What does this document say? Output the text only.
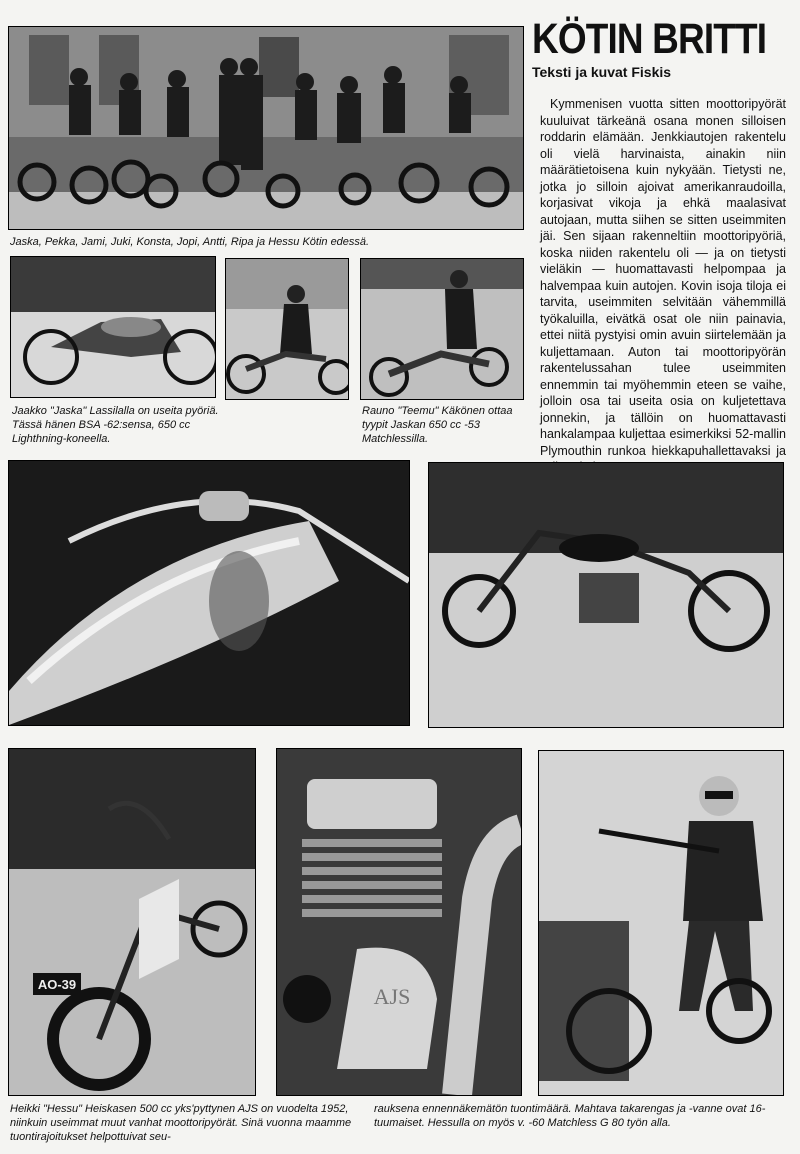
KÖTIN BRITTI

Teksti ja kuvat Fiskis

Kymmenisen vuotta sitten moottoripyörät kuuluivat tärkeänä osana monen silloisen roddarin elämään. Jenkkiautojen rakentelu oli vielä harvinaista, ainakin niin määrätietoisena kuin nykyään. Tietysti ne, jotka jo silloin ajoivat amerikanraudoilla, korjasivat vikoja ja ehkä maalasivat autojaan, mutta siihen se sitten useimmiten jäi. Sen sijaan rakenneltiin moottoripyöriä, koska niiden rakentelu oli — ja on tietysti vieläkin — huomattavasti helpompaa ja halvempaa kuin autojen. Kovin isoja tiloja ei tarvita, useimmiten selvitään vähemmillä työkaluilla, eivätkä osat ole niin painavia, ettei niitä pystyisi omin avuin siirtelemään ja kuljettamaan. Auton tai moottoripyörän rakentelussahan tulee useimmiten ennemmin tai myöhemmin eteen se vaihe, jolloin osa tai useita osia on kuljetettava jonnekin, ja tällöin on huomattavasti hankalampaa kuljettaa esimerkiksi 52-mallin Plymouthin runkoa hiekkapuhallettavaksi ja

Jaska, Pekka, Jami, Juki, Konsta, Jopi, Antti, Ripa ja Hessu Kötin edessä.

Jaakko "Jaska" Lassilalla on useita pyöriä. Tässä hänen BSA -62:sensa, 650 cc Lighthning-koneella.

Rauno "Teemu" Käkönen ottaa tyypit Jaskan 650 cc -53 Matchlessilla.

AO-39	AJS

Heikki "Hessu" Heiskasen 500 cc yks'pyttynen AJS on vuodelta 1952, niinkuin useimmat muut vanhat moottoripyörät. Sinä vuonna maamme tuontirajoitukset helpottuivat seu-

rauksena ennennäkemätön tuontimäärä. Mahtava takarengas ja -vanne ovat 16-tuumaiset. Hessulla on myös v. -60 Matchless G 80 työn alla.
